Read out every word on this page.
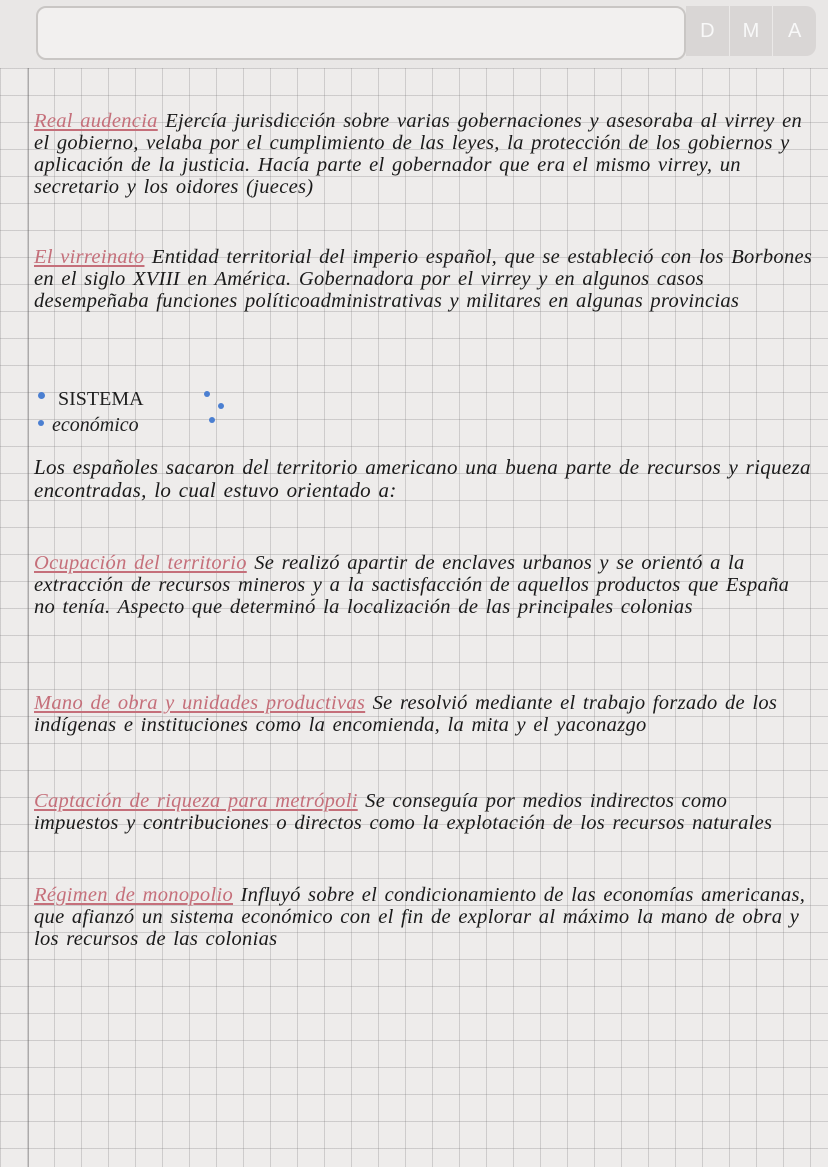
D	M	A
Real audencia Ejercía jurisdicción sobre varias gobernaciones y asesoraba al virrey en el gobierno, velaba por el cumplimiento de las leyes, la protección de los gobiernos y aplicación de la justicia. Hacía parte el gobernador que era el mismo virrey, un secretario y los oidores (jueces)
El virreinato Entidad territorial del imperio español, que se estableció con los Borbones en el siglo XVIII en América. Gobernadora por el virrey y en algunos casos desempeñaba funciones políticoadministrativas y militares en algunas provincias
SISTEMA
económico
Los españoles sacaron del territorio americano una buena parte de recursos y riqueza encontradas, lo cual estuvo orientado a:
Ocupación del territorio Se realizó apartir de enclaves urbanos y se orientó a la extracción de recursos mineros y a la sactisfacción de aquellos productos que España no tenía. Aspecto que determinó la localización de las principales colonias
Mano de obra y unidades productivas Se resolvió mediante el trabajo forzado de los indígenas e instituciones como la encomienda, la mita y el yaconazgo
Captación de riqueza para metrópoli Se conseguía por medios indirectos como impuestos y contribuciones o directos como la explotación de los recursos naturales
Régimen de monopolio Influyó sobre el condicionamiento de las economías americanas, que afianzó un sistema económico con el fin de explorar al máximo la mano de obra y los recursos de las colonias
